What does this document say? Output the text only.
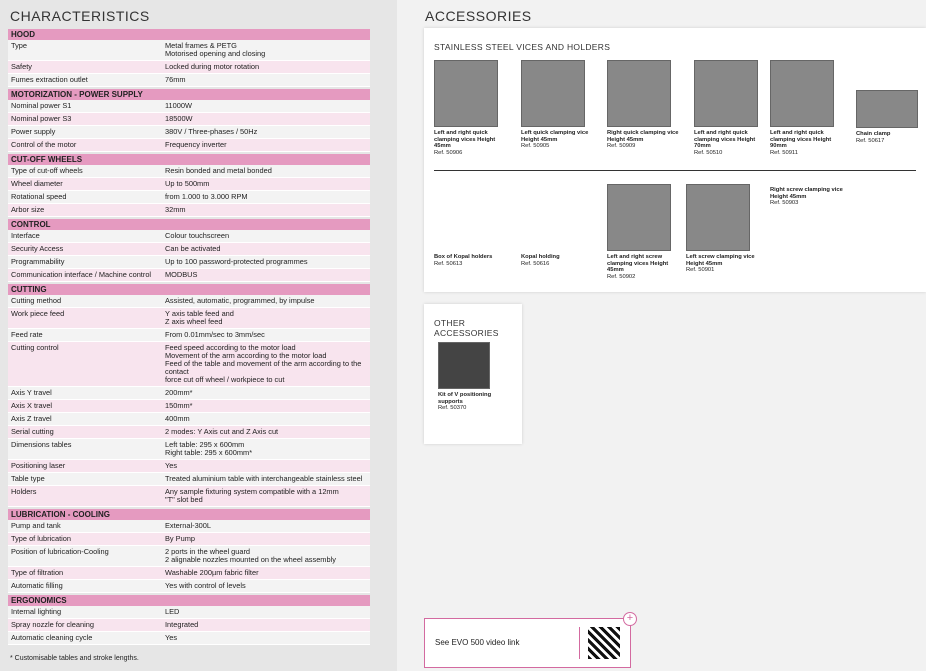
CHARACTERISTICS
HOOD
Type	Metal frames & PETG
Motorised opening and closing
Safety	Locked during motor rotation
Fumes extraction outlet	76mm
MOTORIZATION - POWER SUPPLY
Nominal power S1	11000W
Nominal power S3	18500W
Power supply	380V / Three-phases / 50Hz
Control of the motor	Frequency inverter
CUT-OFF WHEELS
Type of cut-off wheels	Resin bonded and metal bonded
Wheel diameter	Up to 500mm
Rotational speed	from 1.000 to 3.000 RPM
Arbor size	32mm
CONTROL
Interface	Colour touchscreen
Security Access	Can be activated
Programmability	Up to 100 password-protected programmes
Communication interface / Machine control	MODBUS
CUTTING
Cutting method	Assisted, automatic, programmed, by impulse
Work piece feed	Y axis table feed and
Z axis wheel feed
Feed rate	From 0.01mm/sec to 3mm/sec
Cutting control	Feed speed according to the motor load
Movement of the arm according to the motor load
Feed of the table and movement of the arm according to the contact
force cut off wheel / workpiece to cut
Axis Y travel	200mm*
Axis X travel	150mm*
Axis Z travel	400mm
Serial cutting	2 modes: Y Axis cut and Z Axis cut
Dimensions tables	Left table: 295 x 600mm
Right table: 295 x 600mm*
Positioning laser	Yes
Table type	Treated aluminium table with interchangeable stainless steel
Holders	Any sample fixturing system compatible with a 12mm
"T" slot bed
LUBRICATION - COOLING
Pump and tank	External-300L
Type of lubrication	By Pump
Position of lubrication-Cooling	2 ports in the wheel guard
2 alignable nozzles mounted on the wheel assembly
Type of filtration	Washable 200µm fabric filter
Automatic filling	Yes with control of levels
ERGONOMICS
Internal lighting	LED
Spray nozzle for cleaning	Integrated
Automatic cleaning cycle	Yes
* Customisable tables and stroke lengths.
ACCESSORIES
STAINLESS STEEL VICES AND HOLDERS
Left and right quick clamping vices Height 45mm
Ref. 50906
Left quick clamping vice Height 45mm
Ref. 50905
Right quick clamping vice Height 45mm
Ref. 50909
Left and right quick clamping vices Height 70mm
Ref. 50510
Left and right quick clamping vices Height 90mm
Ref. 50911
Chain clamp
Ref. 50617
Box of Kopal holders
Ref. 50613
Kopal holding
Ref. 50616
Left and right screw clamping vices Height 45mm
Ref. 50902
Left screw clamping vice Height 45mm
Ref. 50901
Right screw clamping vice Height 45mm
Ref. 50903
OTHER ACCESSORIES
Kit of V positioning supports
Ref. 50370
See EVO 500 video link
+
